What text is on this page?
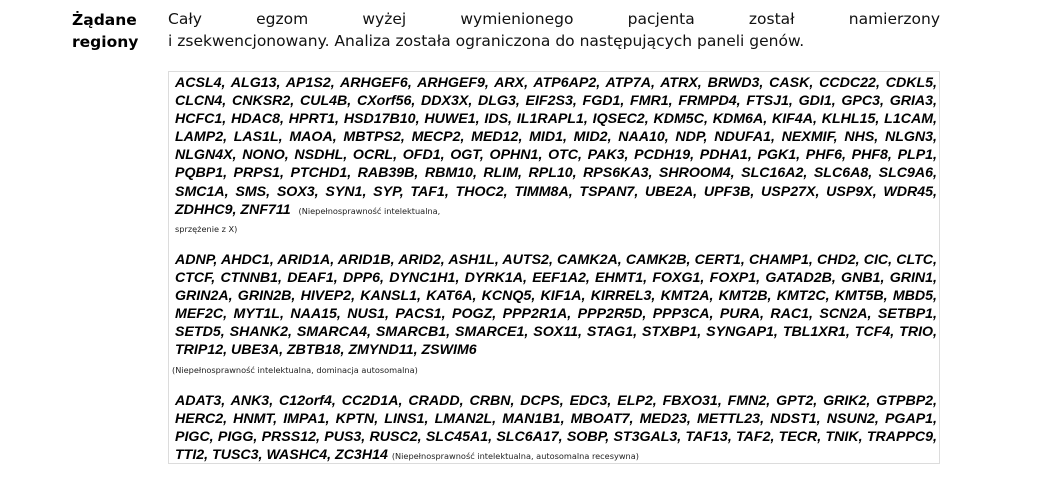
Żądane regiony
Cały egzom wyżej wymienionego pacjenta został namierzony
i zsekwencjonowany. Analiza została ograniczona do następujących paneli genów.
ACSL4, ALG13, AP1S2, ARHGEF6, ARHGEF9, ARX, ATP6AP2, ATP7A, ATRX, BRWD3, CASK, CCDC22, CDKL5, CLCN4, CNKSR2, CUL4B, CXorf56, DDX3X, DLG3, EIF2S3, FGD1, FMR1, FRMPD4, FTSJ1, GDI1, GPC3, GRIA3, HCFC1, HDAC8, HPRT1, HSD17B10, HUWE1, IDS, IL1RAPL1, IQSEC2, KDM5C, KDM6A, KIF4A, KLHL15, L1CAM, LAMP2, LAS1L, MAOA, MBTPS2, MECP2, MED12, MID1, MID2, NAA10, NDP, NDUFA1, NEXMIF, NHS, NLGN3, NLGN4X, NONO, NSDHL, OCRL, OFD1, OGT, OPHN1, OTC, PAK3, PCDH19, PDHA1, PGK1, PHF6, PHF8, PLP1, PQBP1, PRPS1, PTCHD1, RAB39B, RBM10, RLIM, RPL10, RPS6KA3, SHROOM4, SLC16A2, SLC6A8, SLC9A6, SMC1A, SMS, SOX3, SYN1, SYP, TAF1, THOC2, TIMM8A, TSPAN7, UBE2A, UPF3B, USP27X, USP9X, WDR45, ZDHHC9, ZNF711 (Niepełnosprawność intelektualna,
sprzężenie z X)
ADNP, AHDC1, ARID1A, ARID1B, ARID2, ASH1L, AUTS2, CAMK2A, CAMK2B, CERT1, CHAMP1, CHD2, CIC, CLTC, CTCF, CTNNB1, DEAF1, DPP6, DYNC1H1, DYRK1A, EEF1A2, EHMT1, FOXG1, FOXP1, GATAD2B, GNB1, GRIN1, GRIN2A, GRIN2B, HIVEP2, KANSL1, KAT6A, KCNQ5, KIF1A, KIRREL3, KMT2A, KMT2B, KMT2C, KMT5B, MBD5, MEF2C, MYT1L, NAA15, NUS1, PACS1, POGZ, PPP2R1A, PPP2R5D, PPP3CA, PURA, RAC1, SCN2A, SETBP1, SETD5, SHANK2, SMARCA4, SMARCB1, SMARCE1, SOX11, STAG1, STXBP1, SYNGAP1, TBL1XR1, TCF4, TRIO, TRIP12, UBE3A, ZBTB18, ZMYND11, ZSWIM6
(Niepełnosprawność intelektualna, dominacja autosomalna)
ADAT3, ANK3, C12orf4, CC2D1A, CRADD, CRBN, DCPS, EDC3, ELP2, FBXO31, FMN2, GPT2, GRIK2, GTPBP2, HERC2, HNMT, IMPA1, KPTN, LINS1, LMAN2L, MAN1B1, MBOAT7, MED23, METTL23, NDST1, NSUN2, PGAP1, PIGC, PIGG, PRSS12, PUS3, RUSC2, SLC45A1, SLC6A17, SOBP, ST3GAL3, TAF13, TAF2, TECR, TNIK, TRAPPC9, TTI2, TUSC3, WASHC4, ZC3H14 (Niepełnosprawność intelektualna, autosomalna recesywna)
